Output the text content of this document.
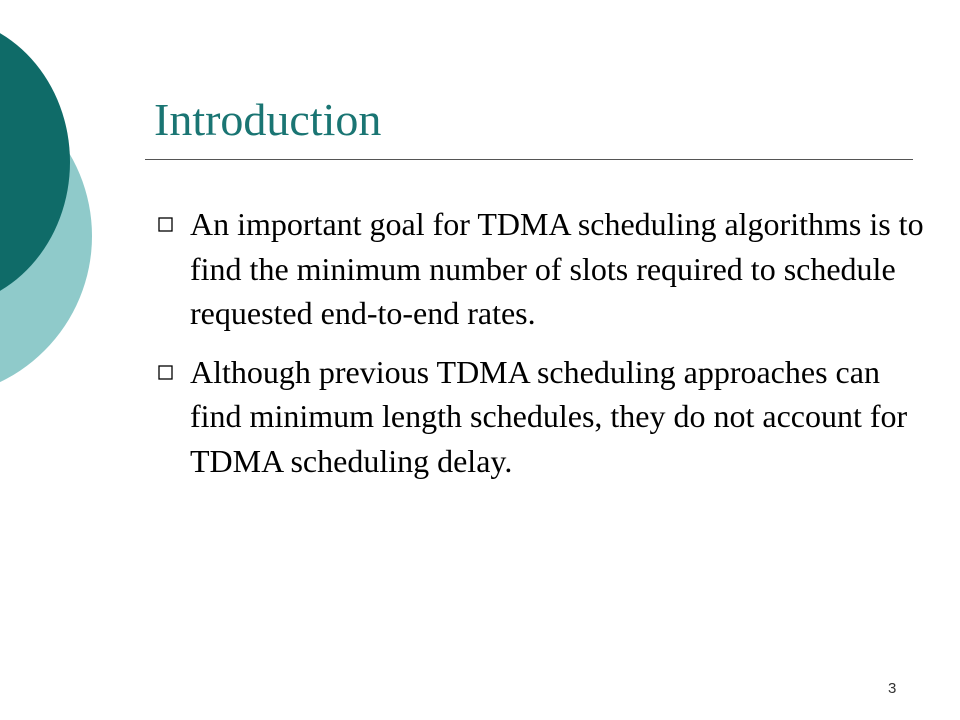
Introduction
An important goal for TDMA scheduling algorithms is to find the minimum number of slots required to schedule requested end-to-end rates.
Although previous TDMA scheduling approaches can find minimum length schedules, they do not account for TDMA scheduling delay.
3
